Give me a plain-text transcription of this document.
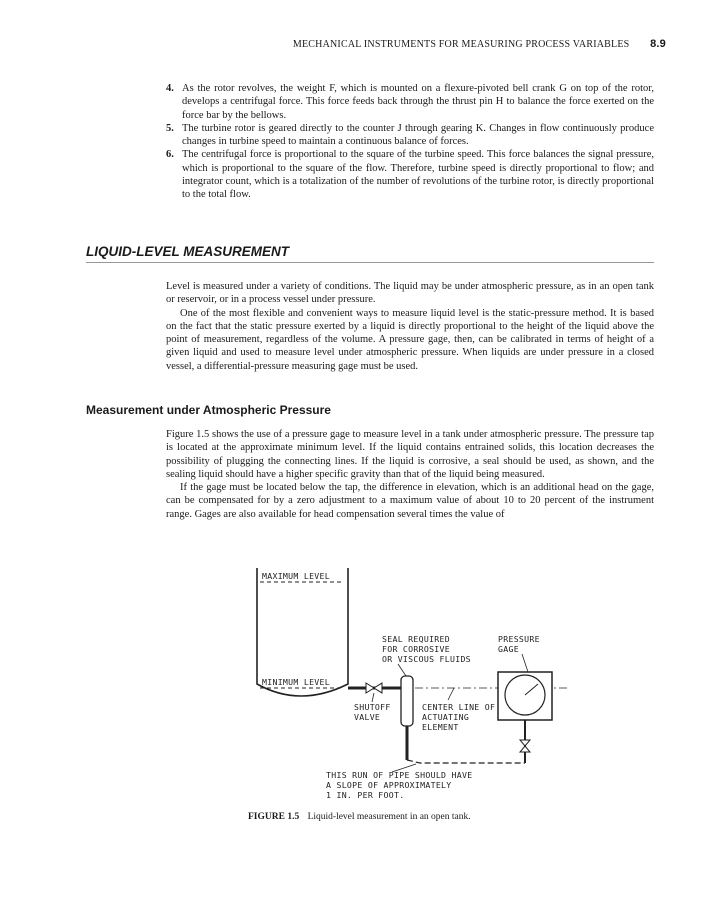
MECHANICAL INSTRUMENTS FOR MEASURING PROCESS VARIABLES 8.9
4. As the rotor revolves, the weight F, which is mounted on a flexure-pivoted bell crank G on top of the rotor, develops a centrifugal force. This force feeds back through the thrust pin H to balance the force exerted on the force bar by the bellows.
5. The turbine rotor is geared directly to the counter J through gearing K. Changes in flow continuously produce changes in turbine speed to maintain a continuous balance of forces.
6. The centrifugal force is proportional to the square of the turbine speed. This force balances the signal pressure, which is proportional to the square of the flow. Therefore, turbine speed is directly proportional to flow; and integrator count, which is a totalization of the number of revolutions of the turbine rotor, is directly proportional to the total flow.
LIQUID-LEVEL MEASUREMENT

Level is measured under a variety of conditions. The liquid may be under atmospheric pressure, as in an open tank or reservoir, or in a process vessel under pressure.

One of the most flexible and convenient ways to measure liquid level is the static-pressure method. It is based on the fact that the static pressure exerted by a liquid is directly proportional to the height of the liquid above the point of measurement, regardless of the volume. A pressure gage, then, can be calibrated in terms of height of a given liquid and used to measure level under atmospheric pressure. When liquids are under pressure in a closed vessel, a differential-pressure measuring gage must be used.

Measurement under Atmospheric Pressure

Figure 1.5 shows the use of a pressure gage to measure level in a tank under atmospheric pressure. The pressure tap is located at the approximate minimum level. If the liquid contains entrained solids, this location decreases the possibility of plugging the connecting lines. If the liquid is corrosive, a seal should be used, as shown, and the sealing liquid should have a higher specific gravity than that of the liquid being measured.

If the gage must be located below the tap, the difference in elevation, which is an additional head on the gage, can be compensated for by a zero adjustment to a maximum value of about 10 to 20 percent of the instrument range. Gages are also available for head compensation several times the value of

MAXIMUM LEVEL
MINIMUM LEVEL
SEAL REQUIRED
FOR CORROSIVE
OR VISCOUS FLUIDS
PRESSURE
GAGE
SHUTOFF
VALVE
CENTER LINE OF
ACTUATING
ELEMENT
THIS RUN OF PIPE SHOULD HAVE
A SLOPE OF APPROXIMATELY
1 IN. PER FOOT.
FIGURE 1.5 Liquid-level measurement in an open tank.
